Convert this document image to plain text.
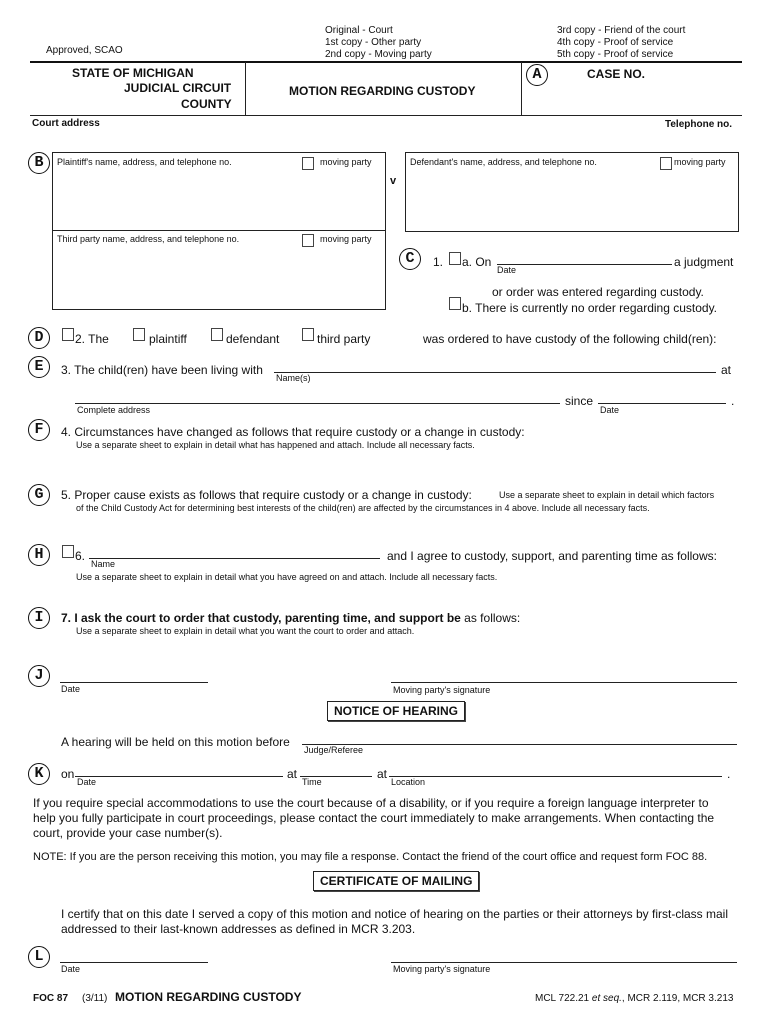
Approved, SCAO
Original - Court
1st copy - Other party
2nd copy - Moving party
3rd copy - Friend of the court
4th copy - Proof of service
5th copy - Proof of service
STATE OF MICHIGAN
JUDICIAL CIRCUIT
COUNTY
MOTION REGARDING CUSTODY
A	CASE NO.
Court address	Telephone no.
B	Plaintiff's name, address, and telephone no.	moving party
Third party name, address, and telephone no.	moving party
v
Defendant's name, address, and telephone no.	moving party
C	1. a. On
Date
a judgment
or order was entered regarding custody.
b. There is currently no order regarding custody.
D	2. The	plaintiff	defendant	third party	was ordered to have custody of the following child(ren):
E	3. The child(ren) have been living with
Name(s)
at
Complete address
since
Date
.
F	4. Circumstances have changed as follows that require custody or a change in custody:
Use a separate sheet to explain in detail what has happened and attach. Include all necessary facts.
G	5. Proper cause exists as follows that require custody or a change in custody:	Use a separate sheet to explain in detail which factors
of the Child Custody Act for determining best interests of the child(ren) are affected by the circumstances in 4 above. Include all necessary facts.
H	6.
Name
and I agree to custody, support, and parenting time as follows:
Use a separate sheet to explain in detail what you have agreed on and attach. Include all necessary facts.
I	7. I ask the court to order that custody, parenting time, and support be as follows:
Use a separate sheet to explain in detail what you want the court to order and attach.
J
Date	Moving party's signature
NOTICE OF HEARING
A hearing will be held on this motion before
Judge/Referee
K	on
Date
at
Time
at
Location
.
If you require special accommodations to use the court because of a disability, or if you require a foreign language interpreter to
help you fully participate in court proceedings, please contact the court immediately to make arrangements. When contacting the
court, provide your case number(s).
NOTE: If you are the person receiving this motion, you may file a response. Contact the friend of the court office and request form FOC 88.
CERTIFICATE OF MAILING
I certify that on this date I served a copy of this motion and notice of hearing on the parties or their attorneys by first-class mail
addressed to their last-known addresses as defined in MCR 3.203.
L
Date	Moving party's signature
FOC 87 (3/11) MOTION REGARDING CUSTODY	MCL 722.21 et seq., MCR 2.119, MCR 3.213
